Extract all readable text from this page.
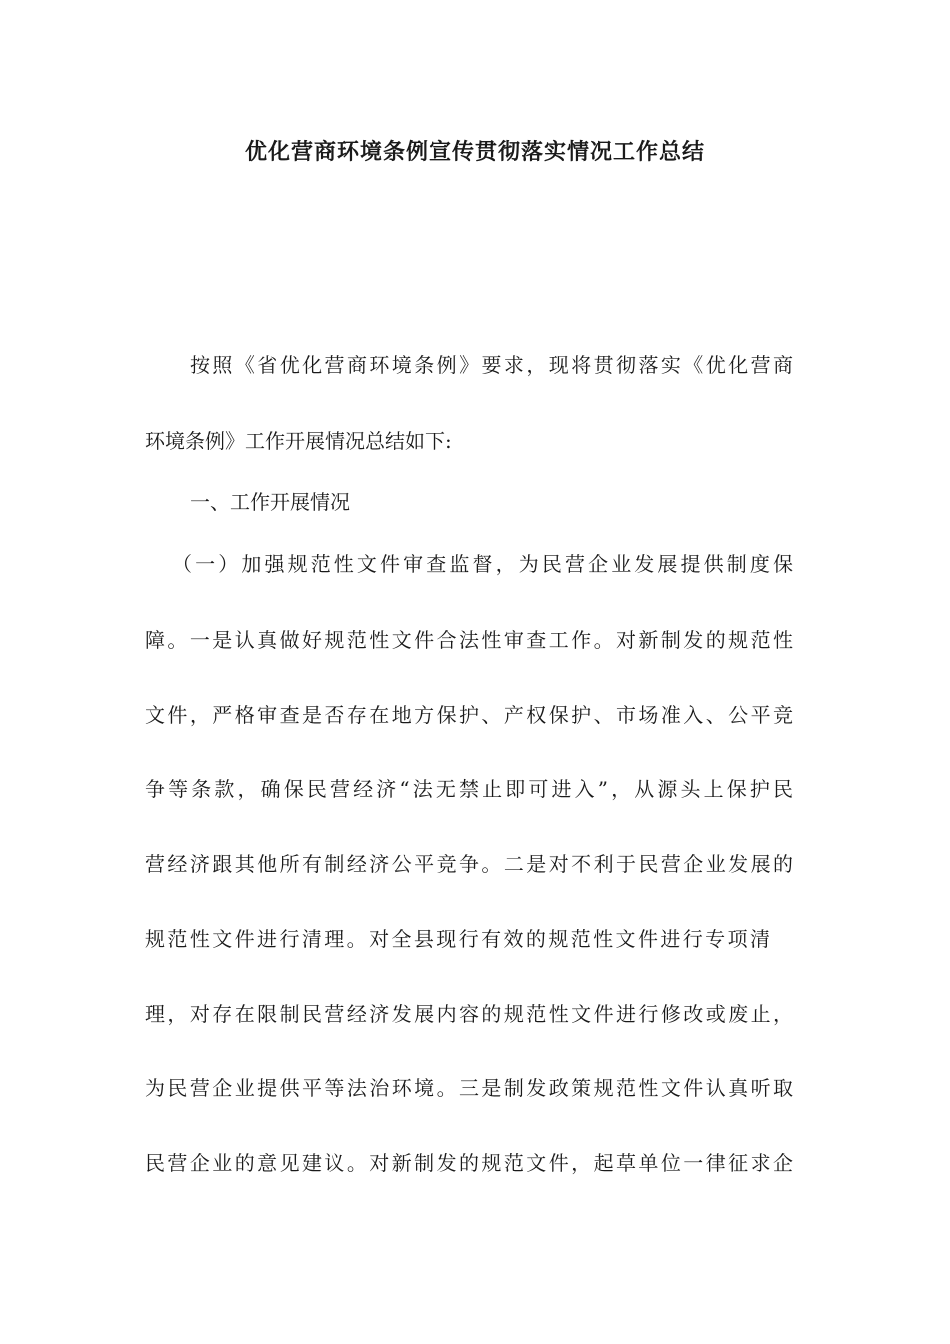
优化营商环境条例宣传贯彻落实情况工作总结

按照《省优化营商环境条例》要求，现将贯彻落实《优化营商

环境条例》工作开展情况总结如下:

一、工作开展情况

（一）加强规范性文件审查监督，为民营企业发展提供制度保

障。一是认真做好规范性文件合法性审查工作。对新制发的规范性

文件，严格审查是否存在地方保护、产权保护、市场准入、公平竞

争等条款，确保民营经济“法无禁止即可进入”，从源头上保护民

营经济跟其他所有制经济公平竞争。二是对不利于民营企业发展的

规范性文件进行清理。对全县现行有效的规范性文件进行专项清

理，对存在限制民营经济发展内容的规范性文件进行修改或废止，

为民营企业提供平等法治环境。三是制发政策规范性文件认真听取

民营企业的意见建议。对新制发的规范文件，起草单位一律征求企
